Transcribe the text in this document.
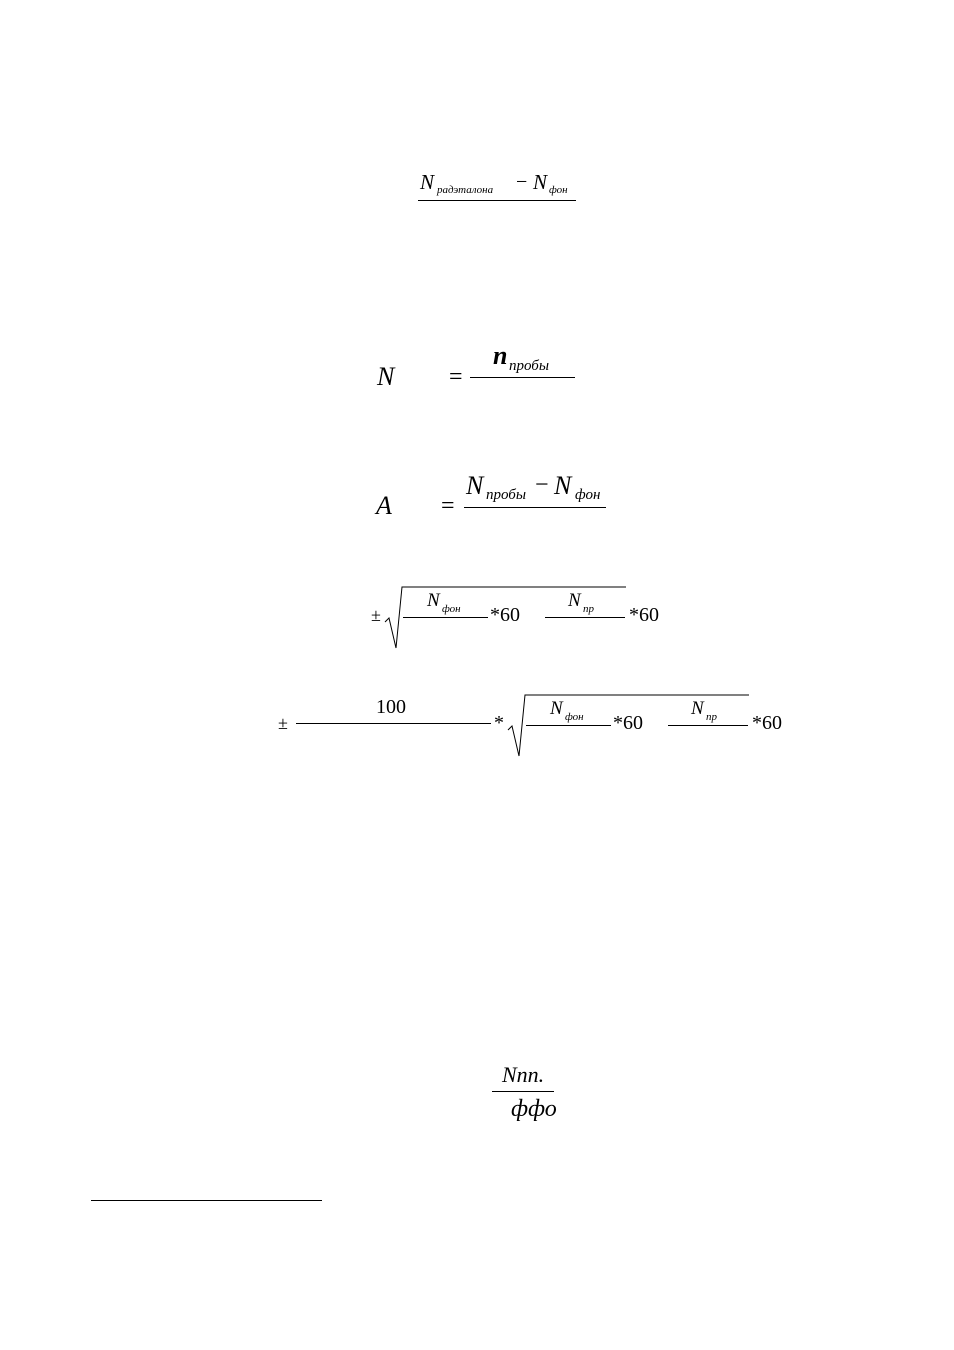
N радэталона − N фон
N =
n пробы
A =
N пробы − N фон
±
N фон *60
N пр *60
±
100
*
N фон *60
N пр *60
Nnn.
ффо
